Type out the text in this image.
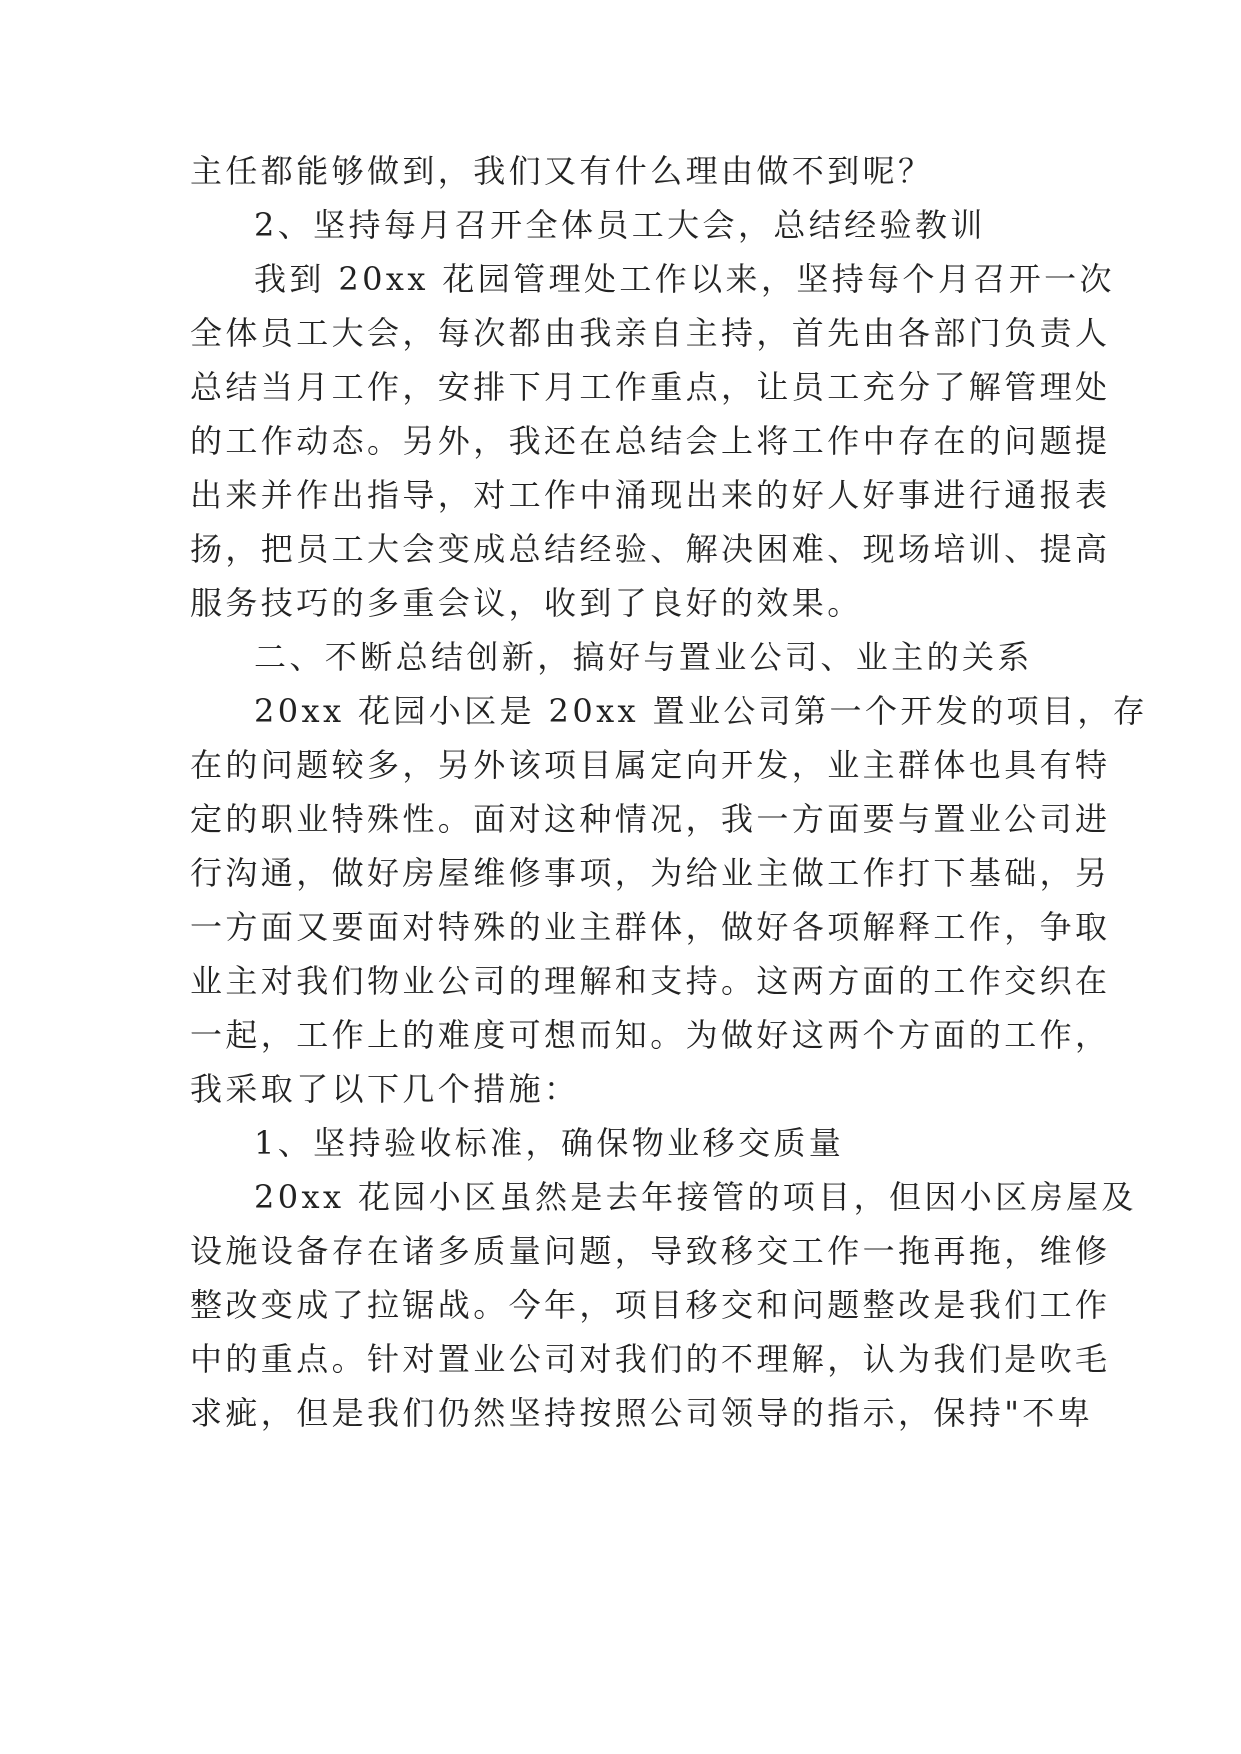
主任都能够做到，我们又有什么理由做不到呢？
2、坚持每月召开全体员工大会，总结经验教训
我到 20xx 花园管理处工作以来，坚持每个月召开一次
全体员工大会，每次都由我亲自主持，首先由各部门负责人
总结当月工作，安排下月工作重点，让员工充分了解管理处
的工作动态。另外，我还在总结会上将工作中存在的问题提
出来并作出指导，对工作中涌现出来的好人好事进行通报表
扬，把员工大会变成总结经验、解决困难、现场培训、提高
服务技巧的多重会议，收到了良好的效果。
二、不断总结创新，搞好与置业公司、业主的关系
20xx 花园小区是 20xx 置业公司第一个开发的项目，存
在的问题较多，另外该项目属定向开发，业主群体也具有特
定的职业特殊性。面对这种情况，我一方面要与置业公司进
行沟通，做好房屋维修事项，为给业主做工作打下基础，另
一方面又要面对特殊的业主群体，做好各项解释工作，争取
业主对我们物业公司的理解和支持。这两方面的工作交织在
一起，工作上的难度可想而知。为做好这两个方面的工作，
我采取了以下几个措施：
1、坚持验收标准，确保物业移交质量
20xx 花园小区虽然是去年接管的项目，但因小区房屋及
设施设备存在诸多质量问题，导致移交工作一拖再拖，维修
整改变成了拉锯战。今年，项目移交和问题整改是我们工作
中的重点。针对置业公司对我们的不理解，认为我们是吹毛
求疵，但是我们仍然坚持按照公司领导的指示，保持"不卑
